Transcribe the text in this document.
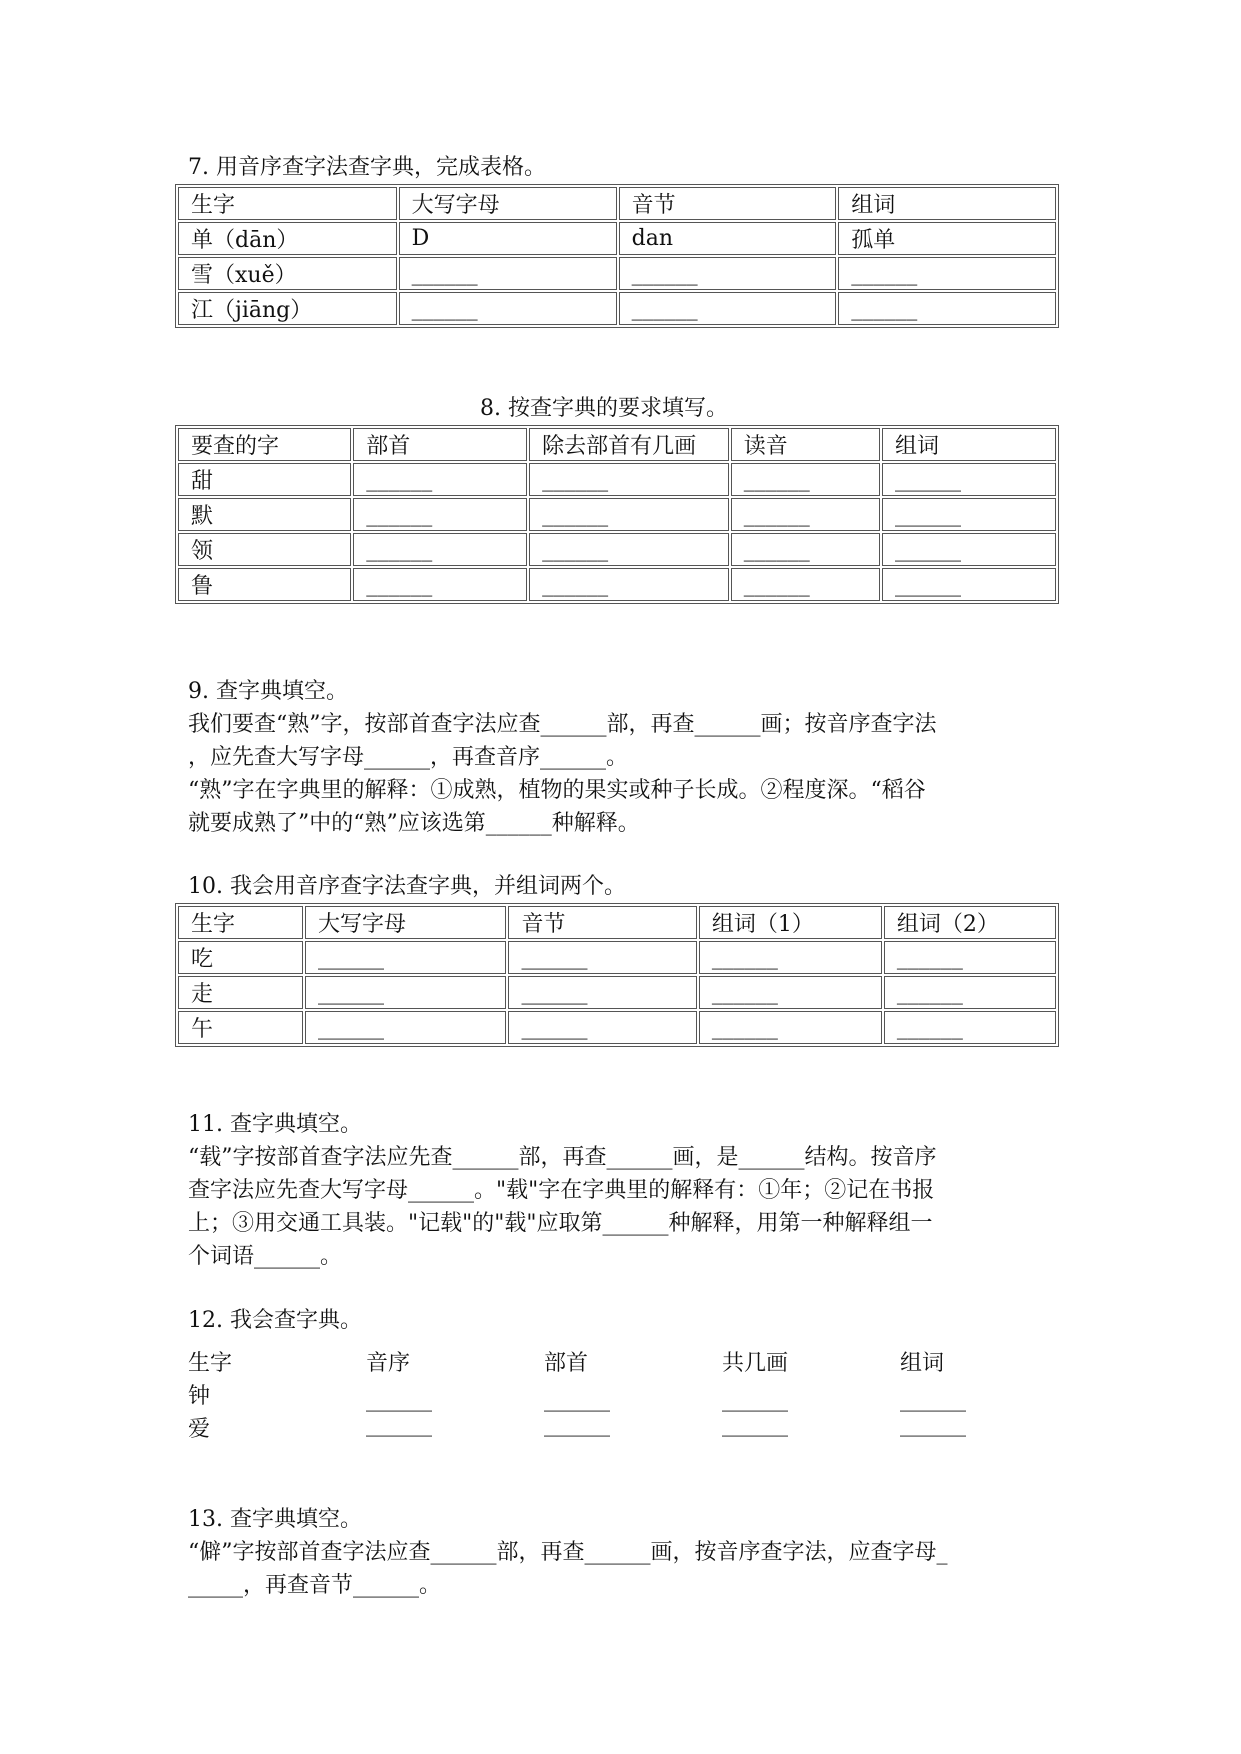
7. 用音序查字法查字典，完成表格。
生字	大写字母	音节	组词
单（dān）	D	dan	孤单
雪（xuě）	______	______	______
江（jiāng）	______	______	______
8. 按查字典的要求填写。
要查的字	部首	除去部首有几画	读音	组词
甜	______	______	______	______
默	______	______	______	______
领	______	______	______	______
鲁	______	______	______	______

9. 查字典填空。

我们要查“熟”字，按部首查字法应查______部，再查______画；按音序查字法

，应先查大写字母______，再查音序______。

“熟”字在字典里的解释：①成熟，植物的果实或种子长成。②程度深。“稻谷

就要成熟了”中的“熟”应该选第______种解释。

10. 我会用音序查字法查字典，并组词两个。
生字	大写字母	音节	组词（1）	组词（2）
吃	______	______	______	______
走	______	______	______	______
午	______	______	______	______

11. 查字典填空。

“载”字按部首查字法应先查______部，再查______画，是______结构。按音序

查字法应先查大写字母______。"载"字在字典里的解释有：①年；②记在书报

上；③用交通工具装。"记载"的"载"应取第______种解释，用第一种解释组一

个词语______。

12. 我会查字典。
生字	音序	部首	共几画	组词
钟	______	______	______	______
爱	______	______	______	______

13. 查字典填空。

“僻”字按部首查字法应查______部，再查______画，按音序查字法，应查字母_

_____，再查音节______。
